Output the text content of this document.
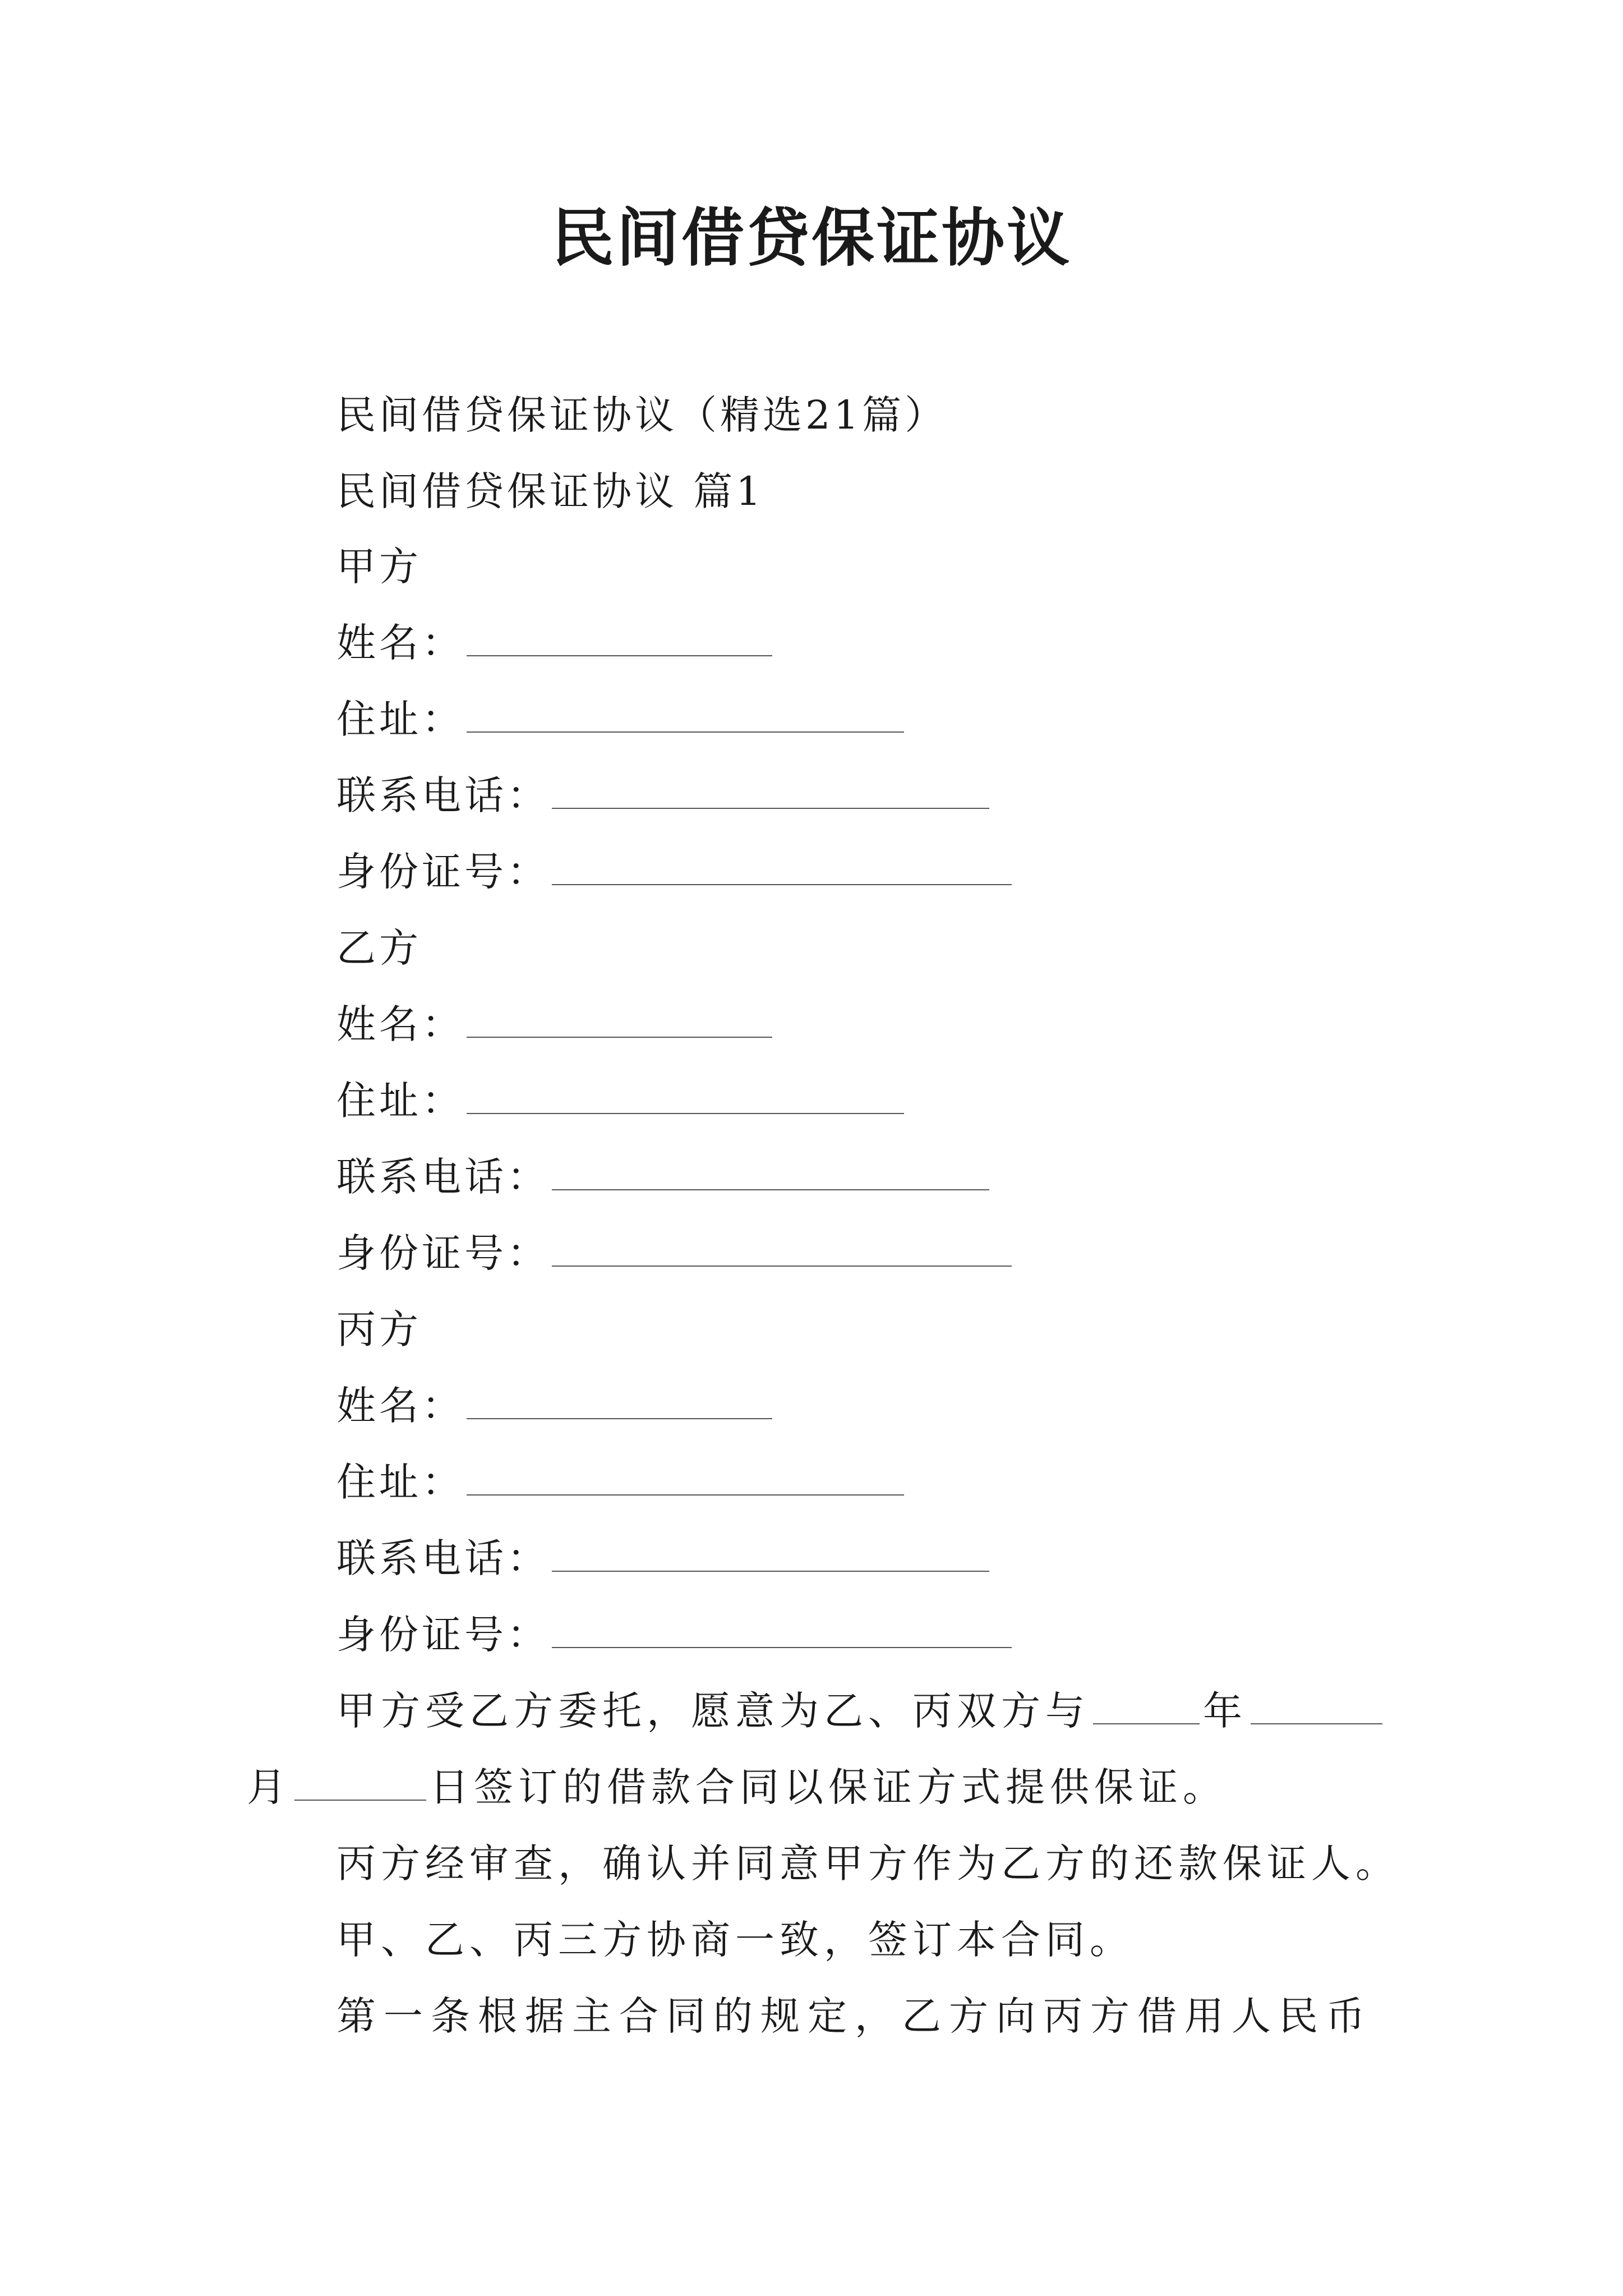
民间借贷保证协议
民间借贷保证协议（精选21篇）
民间借贷保证协议 篇1
甲方
姓名：
住址：
联系电话：
身份证号：
乙方
姓名：
住址：
联系电话：
身份证号：
丙方
姓名：
住址：
联系电话：
身份证号：
甲方受乙方委托，愿意为乙、丙双方与	年
月	日签订的借款合同以保证方式提供保证。
丙方经审查，确认并同意甲方作为乙方的还款保证人。
甲、乙、丙三方协商一致，签订本合同。
第一条根据主合同的规定，乙方向丙方借用人民币
